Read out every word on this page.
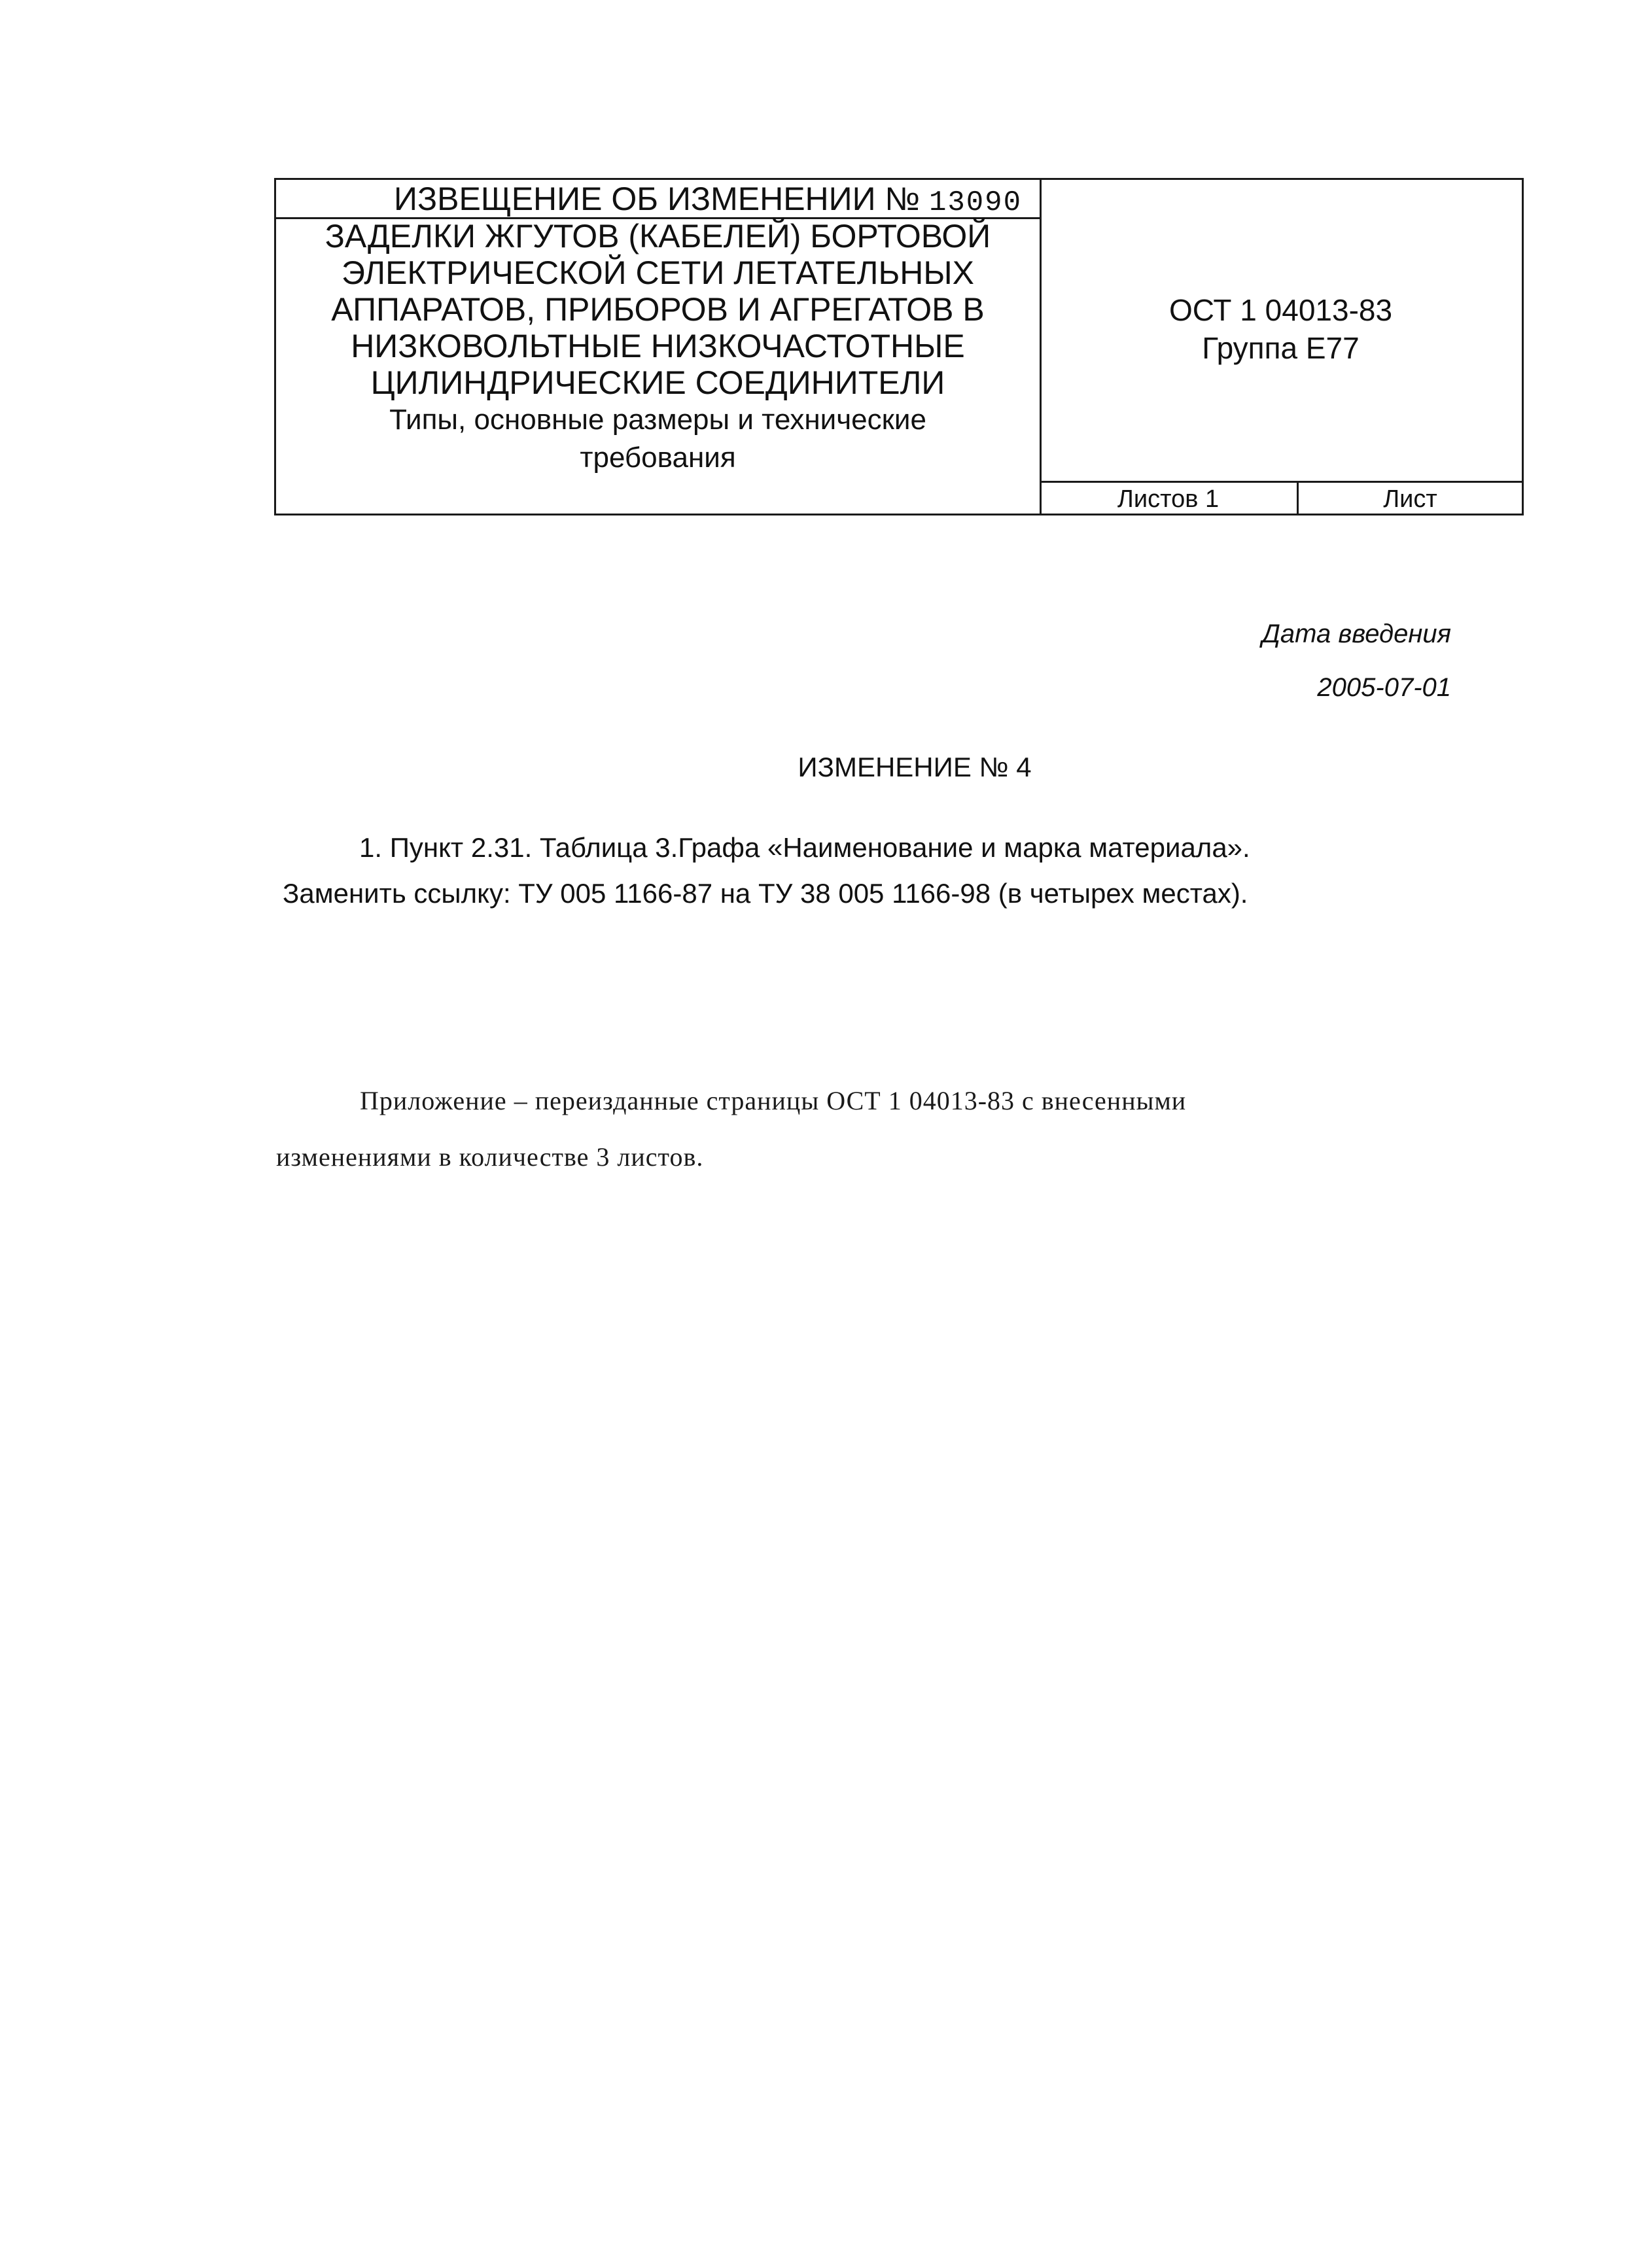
ИЗВЕЩЕНИЕ ОБ ИЗМЕНЕНИИ № 13090
ЗАДЕЛКИ ЖГУТОВ (КАБЕЛЕЙ) БОРТОВОЙ
ЭЛЕКТРИЧЕСКОЙ СЕТИ ЛЕТАТЕЛЬНЫХ
АППАРАТОВ, ПРИБОРОВ И АГРЕГАТОВ В
НИЗКОВОЛЬТНЫЕ НИЗКОЧАСТОТНЫЕ
ЦИЛИНДРИЧЕСКИЕ СОЕДИНИТЕЛИ
Типы, основные размеры и технические
требования
ОСТ 1 04013-83
Группа Е77
Листов 1	Лист
Дата введения
2005-07-01
ИЗМЕНЕНИЕ № 4
1. Пункт 2.31. Таблица 3.Графа «Наименование и марка материала».
Заменить ссылку: ТУ 005 1166-87 на ТУ 38 005 1166-98 (в четырех местах).
Приложение – переизданные страницы ОСТ 1 04013-83 с внесенными
изменениями в количестве 3 листов.
